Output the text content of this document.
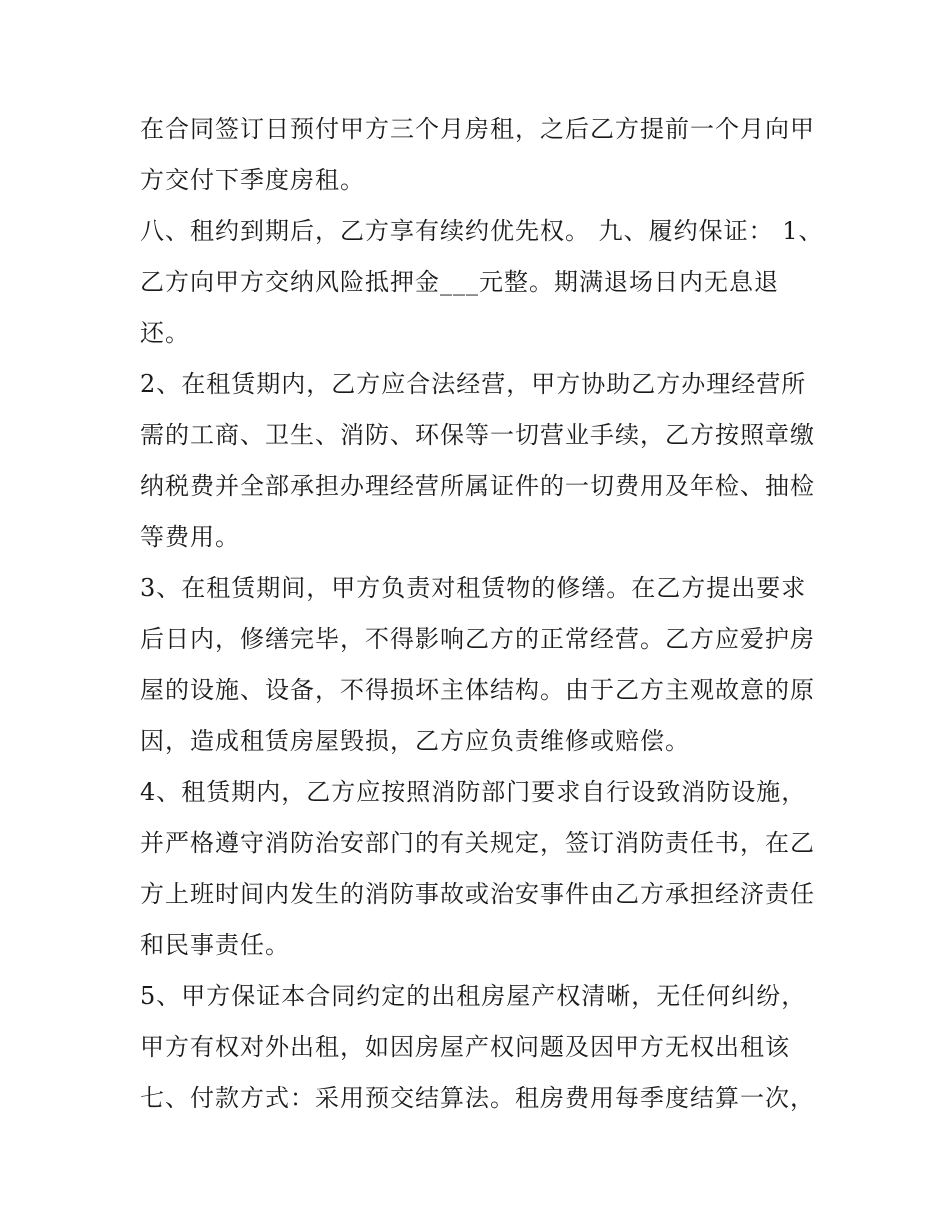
在合同签订日预付甲方三个月房租，之后乙方提前一个月向甲
方交付下季度房租。
八、租约到期后，乙方享有续约优先权。 九、履约保证： 1、
乙方向甲方交纳风险抵押金___元整。期满退场日内无息退
还。
2、在租赁期内，乙方应合法经营，甲方协助乙方办理经营所
需的工商、卫生、消防、环保等一切营业手续，乙方按照章缴
纳税费并全部承担办理经营所属证件的一切费用及年检、抽检
等费用。
3、在租赁期间，甲方负责对租赁物的修缮。在乙方提出要求
后日内，修缮完毕，不得影响乙方的正常经营。乙方应爱护房
屋的设施、设备，不得损坏主体结构。由于乙方主观故意的原
因，造成租赁房屋毁损，乙方应负责维修或赔偿。
4、租赁期内，乙方应按照消防部门要求自行设致消防设施，
并严格遵守消防治安部门的有关规定，签订消防责任书，在乙
方上班时间内发生的消防事故或治安事件由乙方承担经济责任
和民事责任。
5、甲方保证本合同约定的出租房屋产权清晰，无任何纠纷，
甲方有权对外出租，如因房屋产权问题及因甲方无权出租该
七、付款方式：采用预交结算法。租房费用每季度结算一次，
